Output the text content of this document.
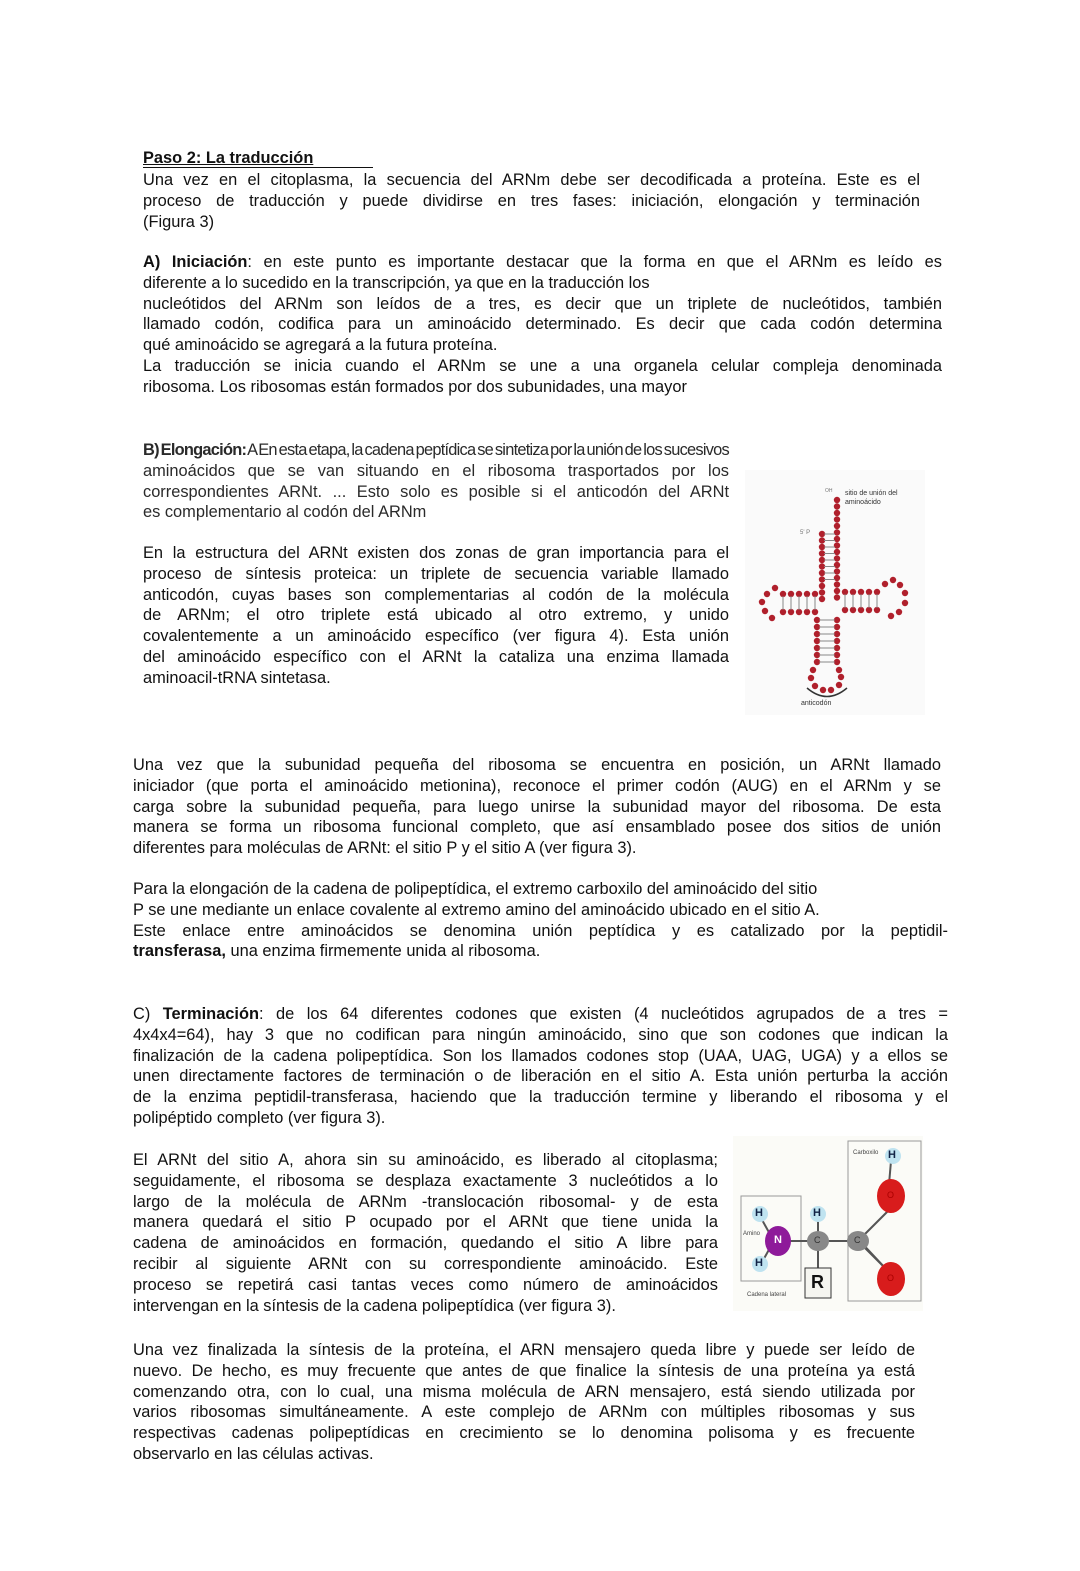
Paso 2: La traducción
Una vez en el citoplasma, la secuencia del ARNm debe ser decodificada a proteína. Este es el
proceso de traducción y puede dividirse en tres fases: iniciación, elongación y terminación
(Figura 3)
A) Iniciación: en este punto es importante destacar que la forma en que el ARNm es leído es
diferente a lo sucedido en la transcripción, ya que en la traducción los
nucleótidos del ARNm son leídos de a tres, es decir que un triplete de nucleótidos, también
llamado codón, codifica para un aminoácido determinado. Es decir que cada codón determina
qué aminoácido se agregará a la futura proteína.
La traducción se inicia cuando el ARNm se une a una organela celular compleja denominada
ribosoma. Los ribosomas están formados por dos subunidades, una mayor
B) Elongación: A En esta etapa, la cadena peptídica se sintetiza por la unión de los sucesivos
aminoácidos que se van situando en el ribosoma trasportados por los
correspondientes ARNt. ... Esto solo es posible si el anticodón del ARNt
es complementario al codón del ARNm
En la estructura del ARNt existen dos zonas de gran importancia para el
proceso de síntesis proteica: un triplete de secuencia variable llamado
anticodón, cuyas bases son complementarias al codón de la molécula
de ARNm; el otro triplete está ubicado al otro extremo, y unido
covalentemente a un aminoácido específico (ver figura 4). Esta unión
del aminoácido específico con el ARNt la cataliza una enzima llamada
aminoacil-tRNA sintetasa.
Una vez que la subunidad pequeña del ribosoma se encuentra en posición, un ARNt llamado
iniciador (que porta el aminoácido metionina), reconoce el primer codón (AUG) en el ARNm y se
carga sobre la subunidad pequeña, para luego unirse la subunidad mayor del ribosoma. De esta
manera se forma un ribosoma funcional completo, que así ensamblado posee dos sitios de unión
diferentes para moléculas de ARNt: el sitio P y el sitio A (ver figura 3).
Para la elongación de la cadena de polipeptídica, el extremo carboxilo del aminoácido del sitio
P se une mediante un enlace covalente al extremo amino del aminoácido ubicado en el sitio A.
Este enlace entre aminoácidos se denomina unión peptídica y es catalizado por la peptidil-
transferasa, una enzima firmemente unida al ribosoma.
C) Terminación: de los 64 diferentes codones que existen (4 nucleótidos agrupados de a tres =
4x4x4=64), hay 3 que no codifican para ningún aminoácido, sino que son codones que indican la
finalización de la cadena polipeptídica. Son los llamados codones stop (UAA, UAG, UGA) y a ellos se
unen directamente factores de terminación o de liberación en el sitio A. Esta unión perturba la acción
de la enzima peptidil-transferasa, haciendo que la traducción termine y liberando el ribosoma y el
polipéptido completo (ver figura 3).
El ARNt del sitio A, ahora sin su aminoácido, es liberado al citoplasma;
seguidamente, el ribosoma se desplaza exactamente 3 nucleótidos a lo
largo de la molécula de ARNm -translocación ribosomal- y de esta
manera quedará el sitio P ocupado por el ARNt que tiene unida la
cadena de aminoácidos en formación, quedando el sitio A libre para
recibir al siguiente ARNt con su correspondiente aminoácido. Este
proceso se repetirá casi tantas veces como número de aminoácidos
intervengan en la síntesis de la cadena polipeptídica (ver figura 3).
Una vez finalizada la síntesis de la proteína, el ARN mensajero queda libre y puede ser leído de
nuevo. De hecho, es muy frecuente que antes de que finalice la síntesis de una proteína ya está
comenzando otra, con lo cual, una misma molécula de ARN mensajero, está siendo utilizada por
varios ribosomas simultáneamente. A este complejo de ARNm con múltiples ribosomas y sus
respectivas cadenas polipeptídicas en crecimiento se lo denomina polisoma y es frecuente
observarlo en las células activas.
sitio de unión del aminoácido
anticodón
5' P
OH
H
H
H
H
N	C	C
O
O
R
Amino
Carboxilo
Cadena lateral
